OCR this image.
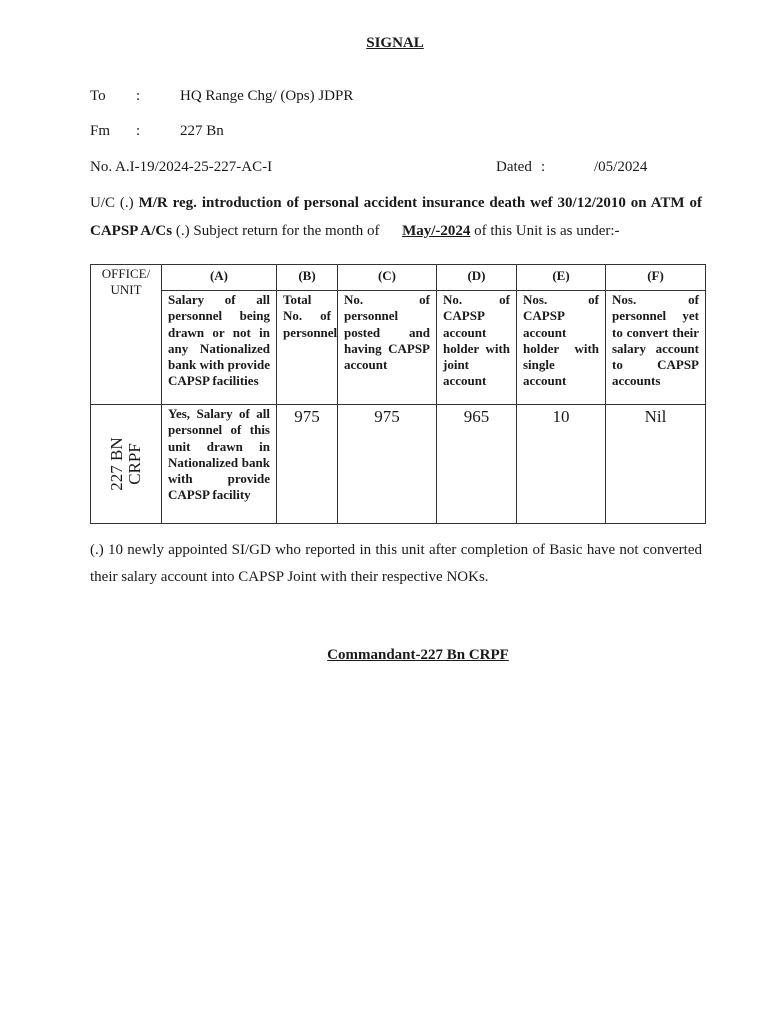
SIGNAL
To :	HQ Range Chg/ (Ops) JDPR
Fm :	227 Bn
No. A.I-19/2024-25-227-AC-I	Dated :	/05/2024
U/C (.) M/R reg. introduction of personal accident insurance death wef 30/12/2010 on ATM of CAPSP A/Cs (.) Subject return for the month of May/-2024 of this Unit is as under:-
OFFICE/ UNIT	(A)	(B)	(C)	(D)	(E)	(F)
	Salary of all personnel being drawn or not in any Nationalized bank with provide CAPSP facilities	Total No. of personnel	No. of personnel posted and having CAPSP account	No. of CAPSP account holder with joint account	Nos. of CAPSP account holder with single account	Nos. of personnel yet to convert their salary account to CAPSP accounts

227 BN
CRPF	Yes, Salary of all personnel of this unit drawn in Nationalized bank with provide CAPSP facility	975	975	965	10	Nil
(.) 10 newly appointed SI/GD who reported in this unit after completion of Basic have not converted their salary account into CAPSP Joint with their respective NOKs.
Commandant-227 Bn CRPF
